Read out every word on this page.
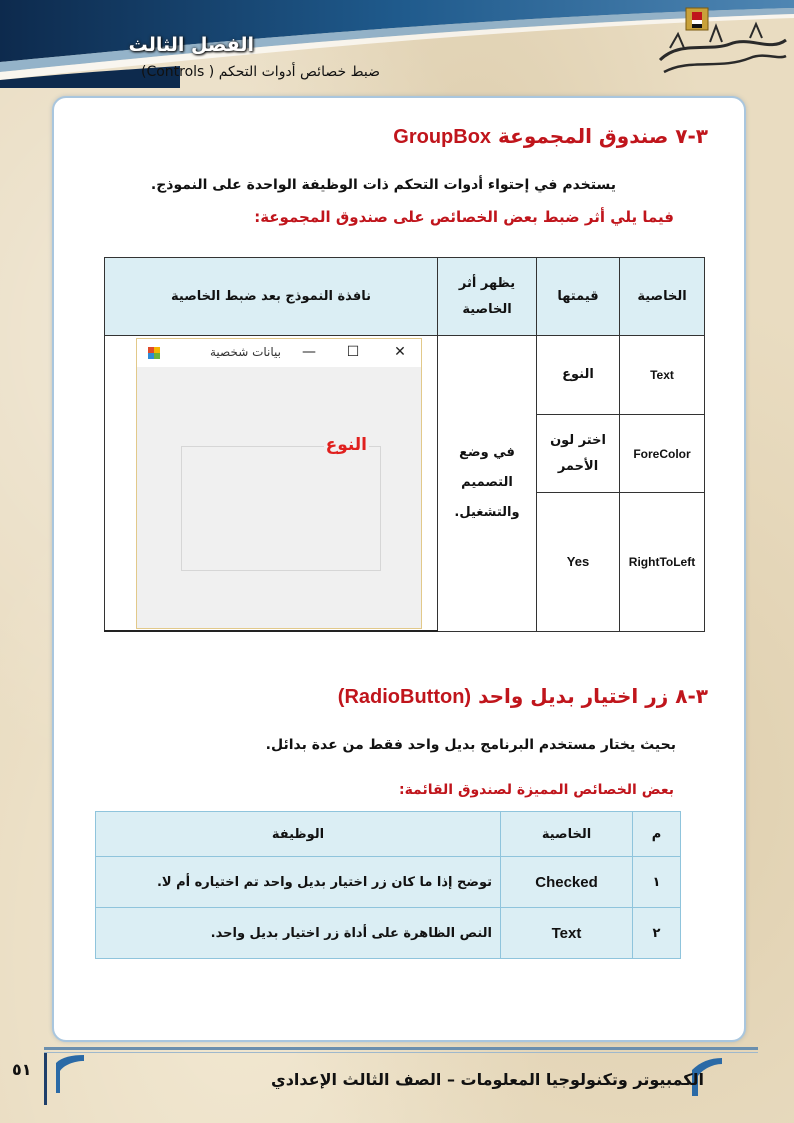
الفصل الثالث
ضبط خصائص أدوات التحكم ( Controls)
٣-٧ صندوق المجموعة GroupBox
يستخدم في إحتواء أدوات التحكم ذات الوظيفة الواحدة على النموذج.
فيما يلي أثر ضبط بعض الخصائص على صندوق المجموعة:
الخاصية	قيمتها	يظهر أثر الخاصية	نافذة النموذج بعد ضبط الخاصية
Text	النوع	في وضع التصميم والتشغيل.	
ForeColor	اختر لون الأحمر		
RightToLeft	Yes		
بيانات شخصية — ☐ ✕
النوع
٣-٨ زر اختيار بديل واحد (RadioButton)
بحيث يختار مستخدم البرنامج بديل واحد فقط من عدة بدائل.
بعض الخصائص المميزة لصندوق القائمة:
م	الخاصية	الوظيفة
١	Checked	توضح إذا ما كان زر اختيار بديل واحد تم اختياره أم لا.
٢	Text	النص الظاهرة على أداة زر اختيار بديل واحد.
الكمبيوتر وتكنولوجيا المعلومات – الصف الثالث الإعدادي
٥١
